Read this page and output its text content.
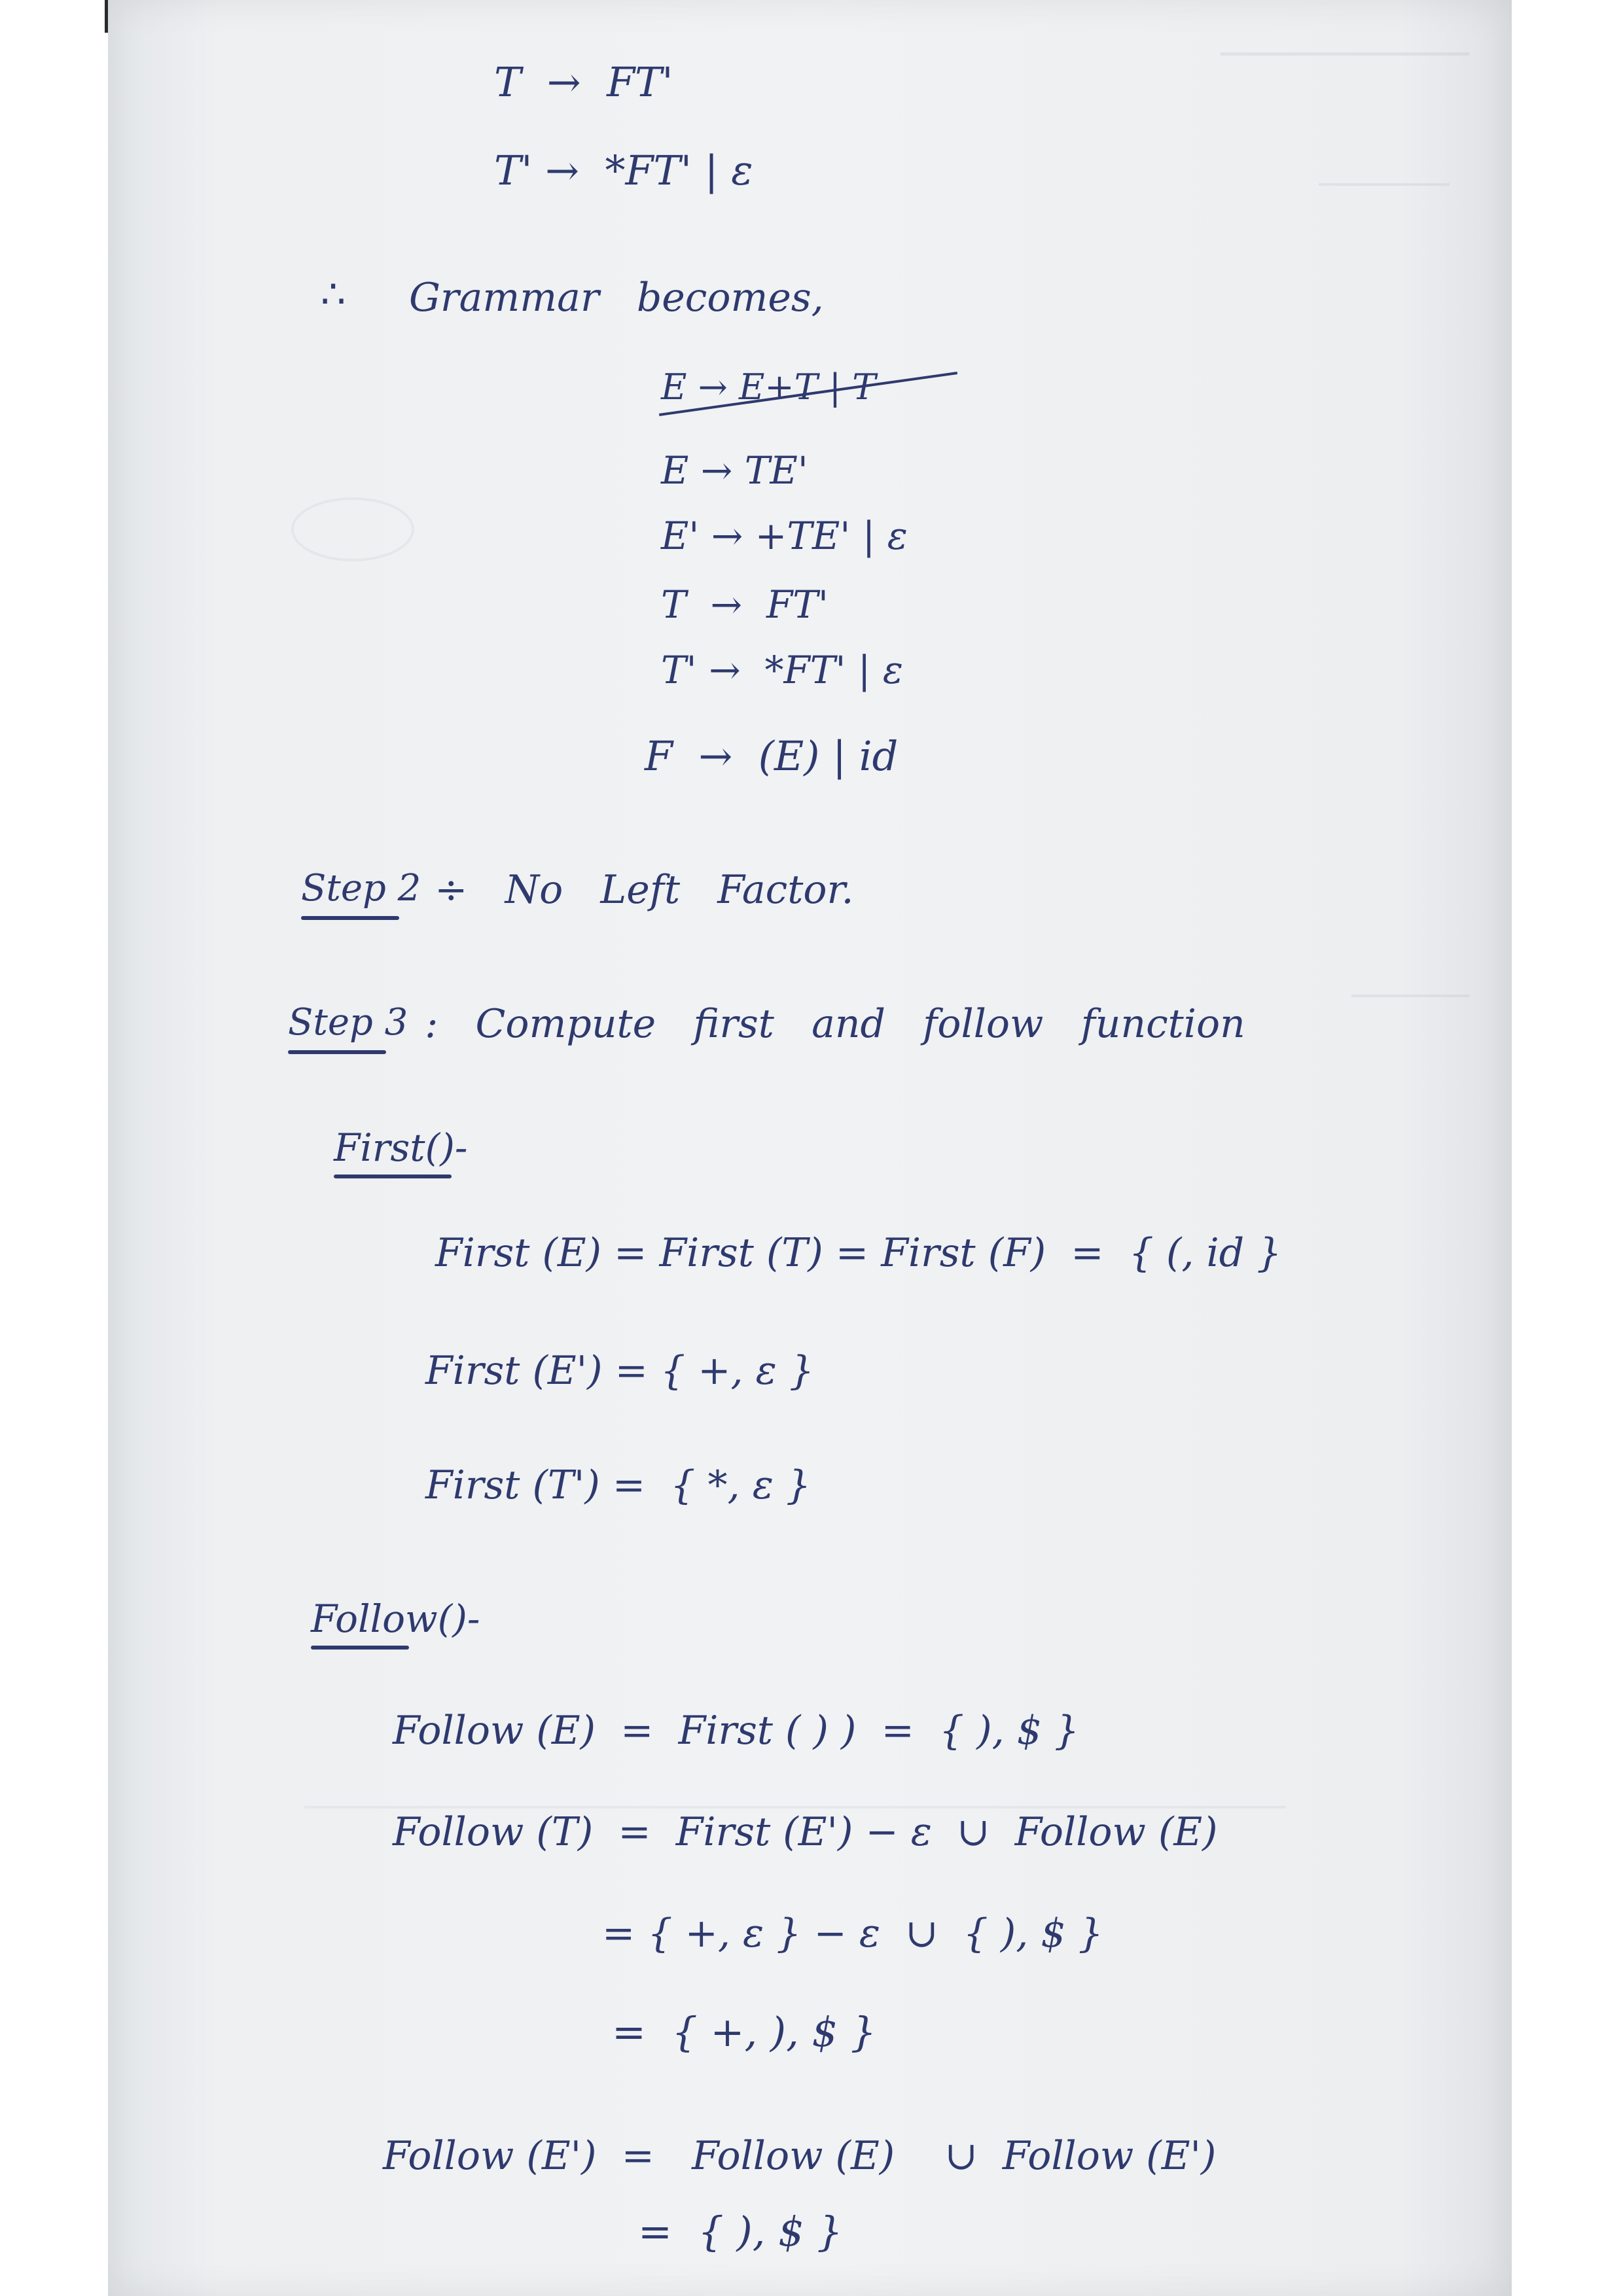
T  →  FT'
T' →  *FT' | ε
∴ Grammar   becomes,
E → E+T | T
E → TE'
E' → +TE' | ε
T  →  FT'
T' →  *FT' | ε
F  →  (E) | id
Step 2 ÷   No   Left   Factor.
Step 3 :   Compute   first   and   follow   function
First()-
First (E) = First (T) = First (F)  =  { (, id }
First (E') = { +, ε }
First (T') =  { *, ε }
Follow()-
Follow (E)  =  First ( ) )  =  { ), $ }
Follow (T)  =  First (E') − ε  ∪  Follow (E)
= { +, ε } − ε  ∪  { ), $ }
=  { +, ), $ }
Follow (E')  =   Follow (E)    ∪  Follow (E')
=  { ), $ }
